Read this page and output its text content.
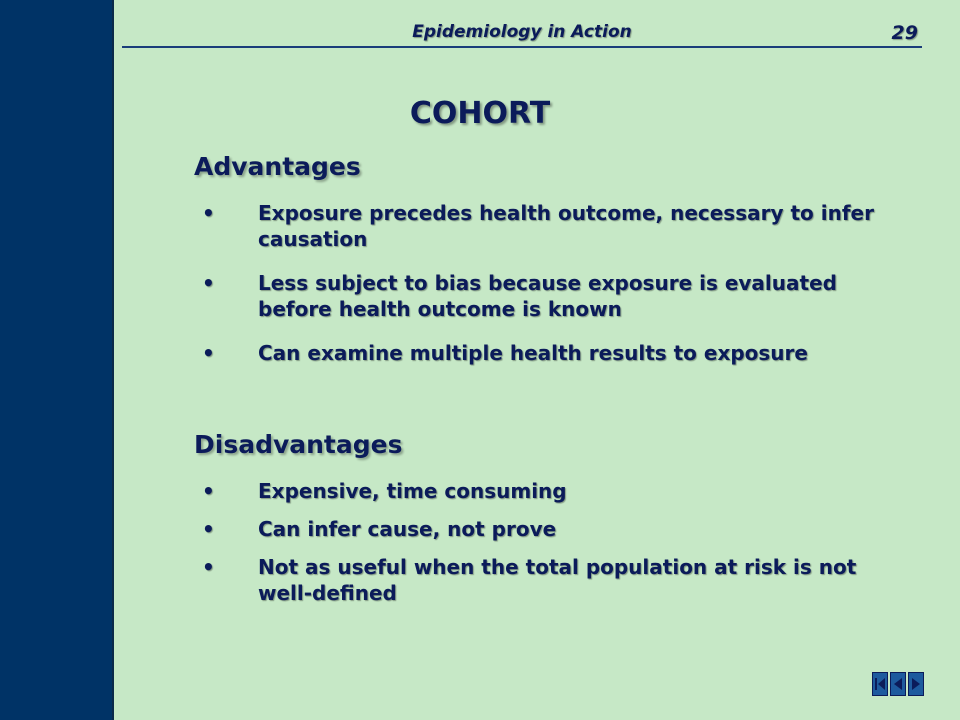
Epidemiology in Action	29
COHORT
Advantages
• Exposure precedes health outcome, necessary to infer causation
• Less subject to bias because exposure is evaluated before health outcome is known
• Can examine multiple health results to exposure
Disadvantages
• Expensive, time consuming
• Can infer cause, not prove
• Not as useful when the total population at risk is not well-defined
